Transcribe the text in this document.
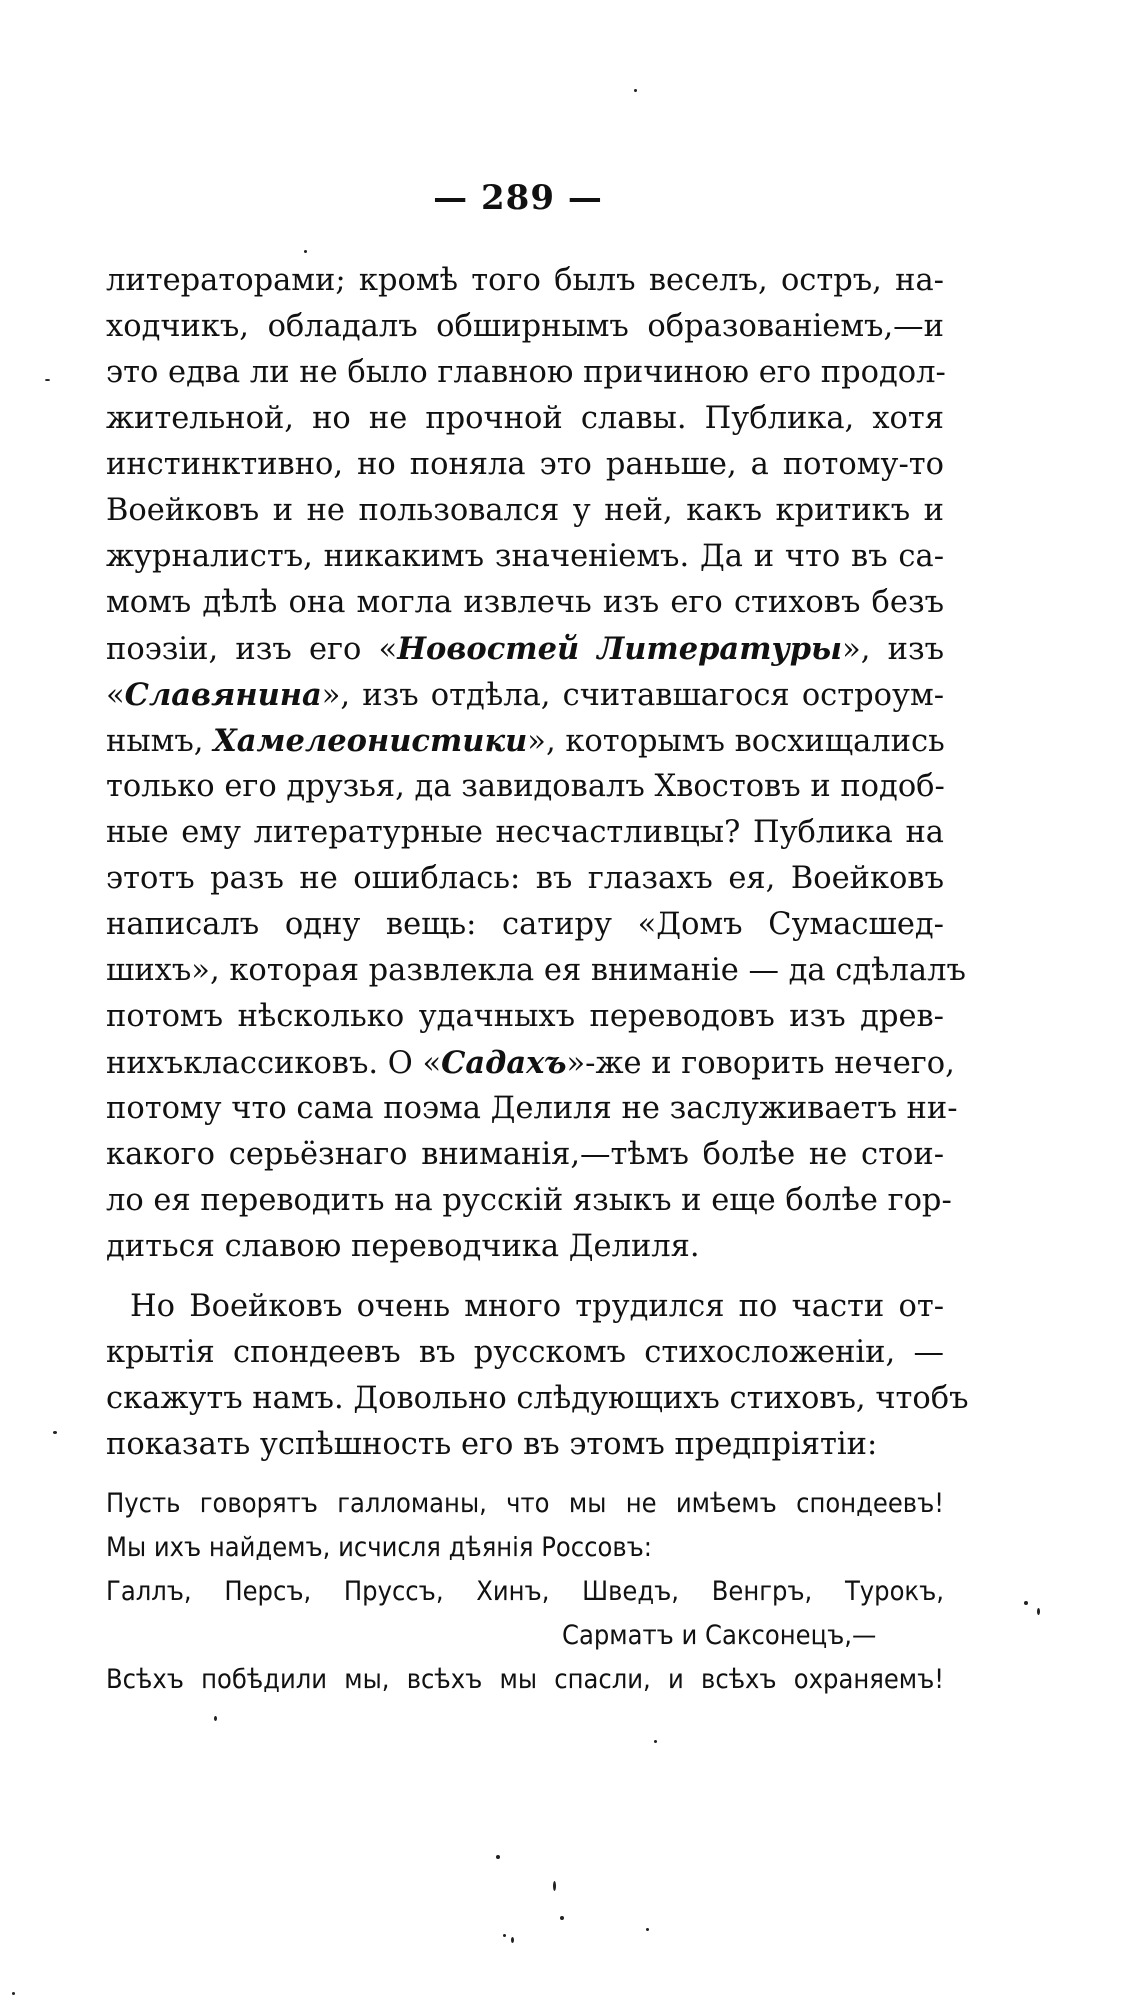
— 289 —
литераторами; кромѣ того былъ веселъ, остръ, на-
ходчикъ, обладалъ обширнымъ образованіемъ,—и
это едва ли не было главною причиною его продол-
жительной, но не прочной славы. Публика, хотя
инстинктивно, но поняла это раньше, а потому-то
Воейковъ и не пользовался у ней, какъ критикъ и
журналистъ, никакимъ значеніемъ. Да и что въ са-
момъ дѣлѣ она могла извлечь изъ его стиховъ безъ
поэзіи, изъ его «Новостей Литературы», изъ
«Славянина», изъ отдѣла, считавшагося остроум-
нымъ, Хамелеонистики», которымъ восхищались
только его друзья, да завидовалъ Хвостовъ и подоб-
ные ему литературные несчастливцы? Публика на
этотъ разъ не ошиблась: въ глазахъ ея, Воейковъ
написалъ одну вещь: сатиру «Домъ Сумасшед-
шихъ», которая развлекла ея вниманіе — да сдѣлалъ
потомъ нѣсколько удачныхъ переводовъ изъ древ-
нихъклассиковъ. О «Садахъ»-же и говорить нечего,
потому что сама поэма Делиля не заслуживаетъ ни-
какого серьёзнаго вниманія,—тѣмъ болѣе не стои-
ло ея переводить на русскій языкъ и еще болѣе гор-
диться славою переводчика Делиля.
Но Воейковъ очень много трудился по части от-
крытія спондеевъ въ русскомъ стихосложеніи, —
скажутъ намъ. Довольно слѣдующихъ стиховъ, чтобъ
показать успѣшность его въ этомъ предпріятіи:
Пусть говорятъ галломаны, что мы не имѣемъ спондеевъ!
Мы ихъ найдемъ, исчисля дѣянія Россовъ:
Галлъ, Персъ, Пруссъ, Хинъ, Шведъ, Венгръ, Турокъ,
Сарматъ и Саксонецъ,—
Всѣхъ побѣдили мы, всѣхъ мы спасли, и всѣхъ охраняемъ!
